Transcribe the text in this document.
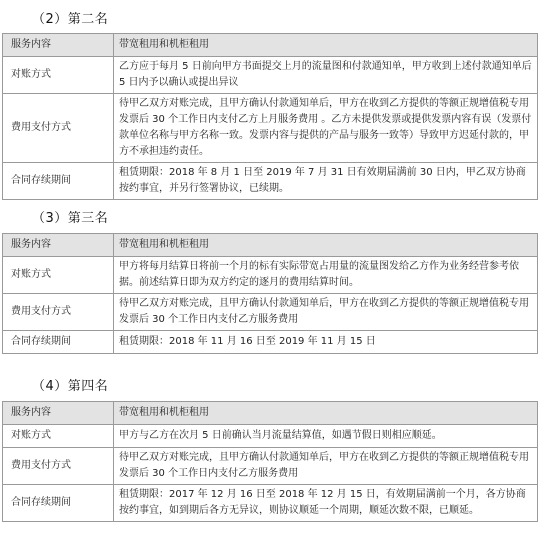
（2）第二名
服务内容	带宽租用和机柜租用
对账方式	乙方应于每月 5 日前向甲方书面提交上月的流量图和付款通知单，甲方收到上述付款通知单后 5 日内予以确认或提出异议
费用支付方式	待甲乙双方对账完成，且甲方确认付款通知单后，甲方在收到乙方提供的等额正规增值税专用发票后 30 个工作日内支付乙方上月服务费用 。乙方未提供发票或提供发票内容有误（发票付款单位名称与甲方名称一致。发票内容与提供的产品与服务一致等）导致甲方迟延付款的，甲方不承担违约责任。
合同存续期间	租赁期限：2018 年 8 月 1 日至 2019 年 7 月 31 日有效期届满前 30 日内，甲乙双方协商按约事宜，并另行签署协议，已续期。
（3）第三名
服务内容	带宽租用和机柜租用
对账方式	甲方将每月结算日将前一个月的标有实际带宽占用量的流量图发给乙方作为业务经营参考依据。前述结算日即为双方约定的逐月的费用结算时间。
费用支付方式	待甲乙双方对账完成，且甲方确认付款通知单后，甲方在收到乙方提供的等额正规增值税专用发票后 30 个工作日内支付乙方服务费用
合同存续期间	租赁期限：2018 年 11 月 16 日至 2019 年 11 月 15 日
（4）第四名
服务内容	带宽租用和机柜租用
对账方式	甲方与乙方在次月 5 日前确认当月流量结算值，如遇节假日则相应顺延。
费用支付方式	待甲乙双方对账完成，且甲方确认付款通知单后，甲方在收到乙方提供的等额正规增值税专用发票后 30 个工作日内支付乙方服务费用
合同存续期间	租赁期限：2017 年 12 月 16 日至 2018 年 12 月 15 日，有效期届满前一个月，各方协商按约事宜，如到期后各方无异议，则协议顺延一个周期，顺延次数不限，已顺延。
